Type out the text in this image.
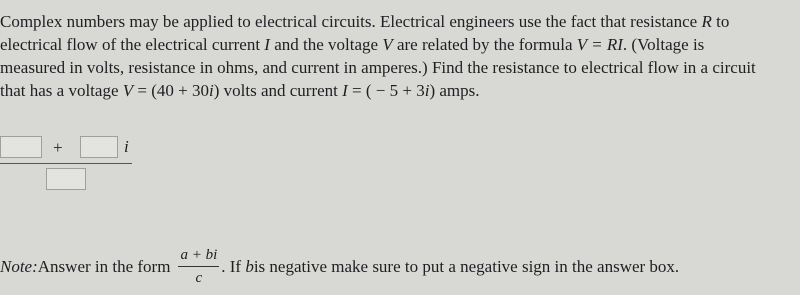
Complex numbers may be applied to electrical circuits. Electrical engineers use the fact that resistance R to
electrical flow of the electrical current I and the voltage V are related by the formula V = RI. (Voltage is
measured in volts, resistance in ohms, and current in amperes.) Find the resistance to electrical flow in a circuit
that has a voltage V = (40 + 30i) volts and current I = ( − 5 + 3i) amps.

+	i
Note: Answer in the form $\frac{a + bi}{c}$ . If
b is negative make sure to put a negative sign in the answer box.
